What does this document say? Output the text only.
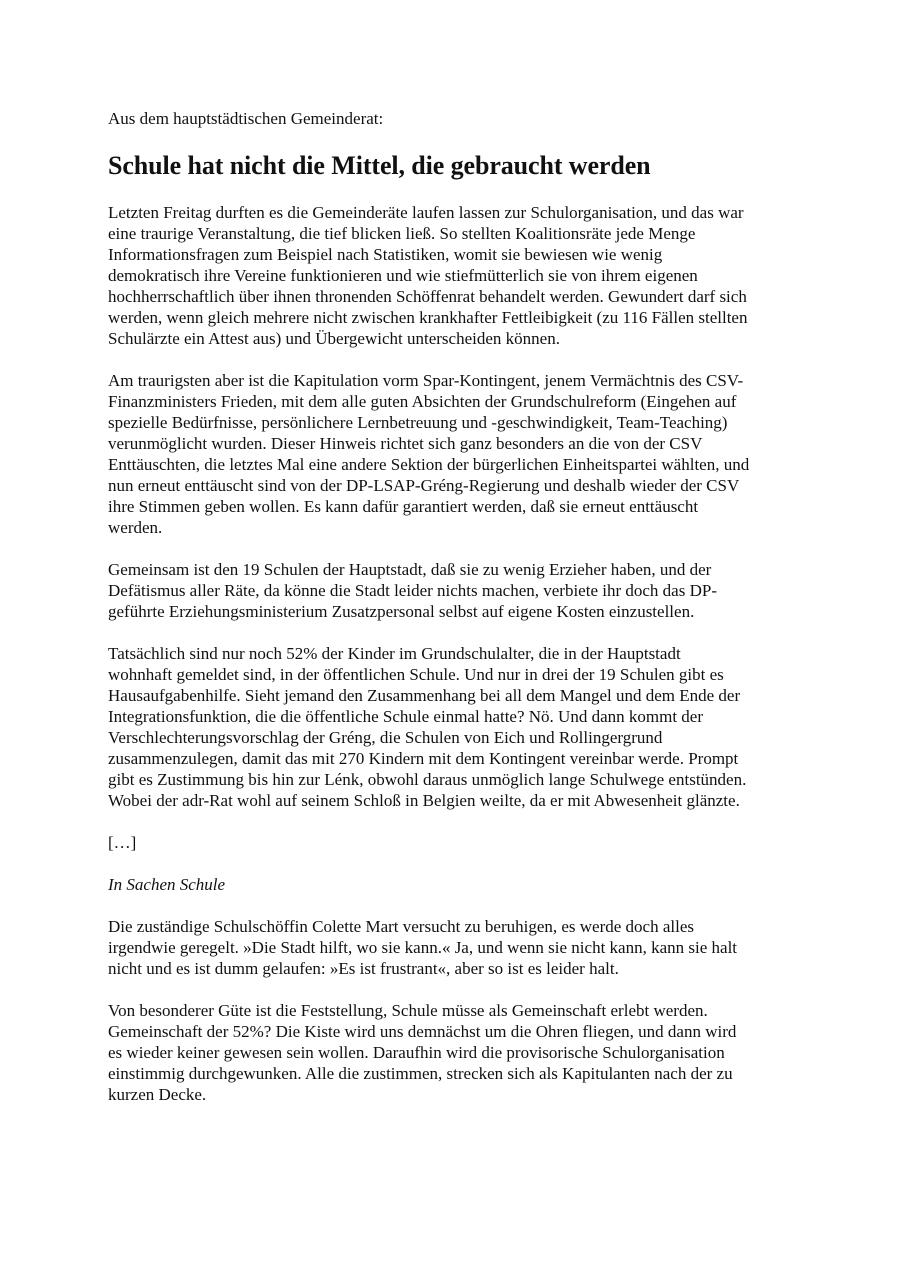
Aus dem hauptstädtischen Gemeinderat:

Schule hat nicht die Mittel, die gebraucht werden

Letzten Freitag durften es die Gemeinderäte laufen lassen zur Schulorganisation, und das war
eine traurige Veranstaltung, die tief blicken ließ. So stellten Koalitionsräte jede Menge
Informationsfragen zum Beispiel nach Statistiken, womit sie bewiesen wie wenig
demokratisch ihre Vereine funktionieren und wie stiefmütterlich sie von ihrem eigenen
hochherrschaftlich über ihnen thronenden Schöffenrat behandelt werden. Gewundert darf sich
werden, wenn gleich mehrere nicht zwischen krankhafter Fettleibigkeit (zu 116 Fällen stellten
Schulärzte ein Attest aus) und Übergewicht unterscheiden können.

Am traurigsten aber ist die Kapitulation vorm Spar-Kontingent, jenem Vermächtnis des CSV-
Finanzministers Frieden, mit dem alle guten Absichten der Grundschulreform (Eingehen auf
spezielle Bedürfnisse, persönlichere Lernbetreuung und -geschwindigkeit, Team-Teaching)
verunmöglicht wurden. Dieser Hinweis richtet sich ganz besonders an die von der CSV
Enttäuschten, die letztes Mal eine andere Sektion der bürgerlichen Einheitspartei wählten, und
nun erneut enttäuscht sind von der DP-LSAP-Gréng-Regierung und deshalb wieder der CSV
ihre Stimmen geben wollen. Es kann dafür garantiert werden, daß sie erneut enttäuscht
werden.

Gemeinsam ist den 19 Schulen der Hauptstadt, daß sie zu wenig Erzieher haben, und der
Defätismus aller Räte, da könne die Stadt leider nichts machen, verbiete ihr doch das DP-
geführte Erziehungsministerium Zusatzpersonal selbst auf eigene Kosten einzustellen.

Tatsächlich sind nur noch 52% der Kinder im Grundschulalter, die in der Hauptstadt
wohnhaft gemeldet sind, in der öffentlichen Schule. Und nur in drei der 19 Schulen gibt es
Hausaufgabenhilfe. Sieht jemand den Zusammenhang bei all dem Mangel und dem Ende der
Integrationsfunktion, die die öffentliche Schule einmal hatte? Nö. Und dann kommt der
Verschlechterungsvorschlag der Gréng, die Schulen von Eich und Rollingergrund
zusammenzulegen, damit das mit 270 Kindern mit dem Kontingent vereinbar werde. Prompt
gibt es Zustimmung bis hin zur Lénk, obwohl daraus unmöglich lange Schulwege entstünden.
Wobei der adr-Rat wohl auf seinem Schloß in Belgien weilte, da er mit Abwesenheit glänzte.

[…]

In Sachen Schule

Die zuständige Schulschöffin Colette Mart versucht zu beruhigen, es werde doch alles
irgendwie geregelt. »Die Stadt hilft, wo sie kann.« Ja, und wenn sie nicht kann, kann sie halt
nicht und es ist dumm gelaufen: »Es ist frustrant«, aber so ist es leider halt.

Von besonderer Güte ist die Feststellung, Schule müsse als Gemeinschaft erlebt werden.
Gemeinschaft der 52%? Die Kiste wird uns demnächst um die Ohren fliegen, und dann wird
es wieder keiner gewesen sein wollen. Daraufhin wird die provisorische Schulorganisation
einstimmig durchgewunken. Alle die zustimmen, strecken sich als Kapitulanten nach der zu
kurzen Decke.
